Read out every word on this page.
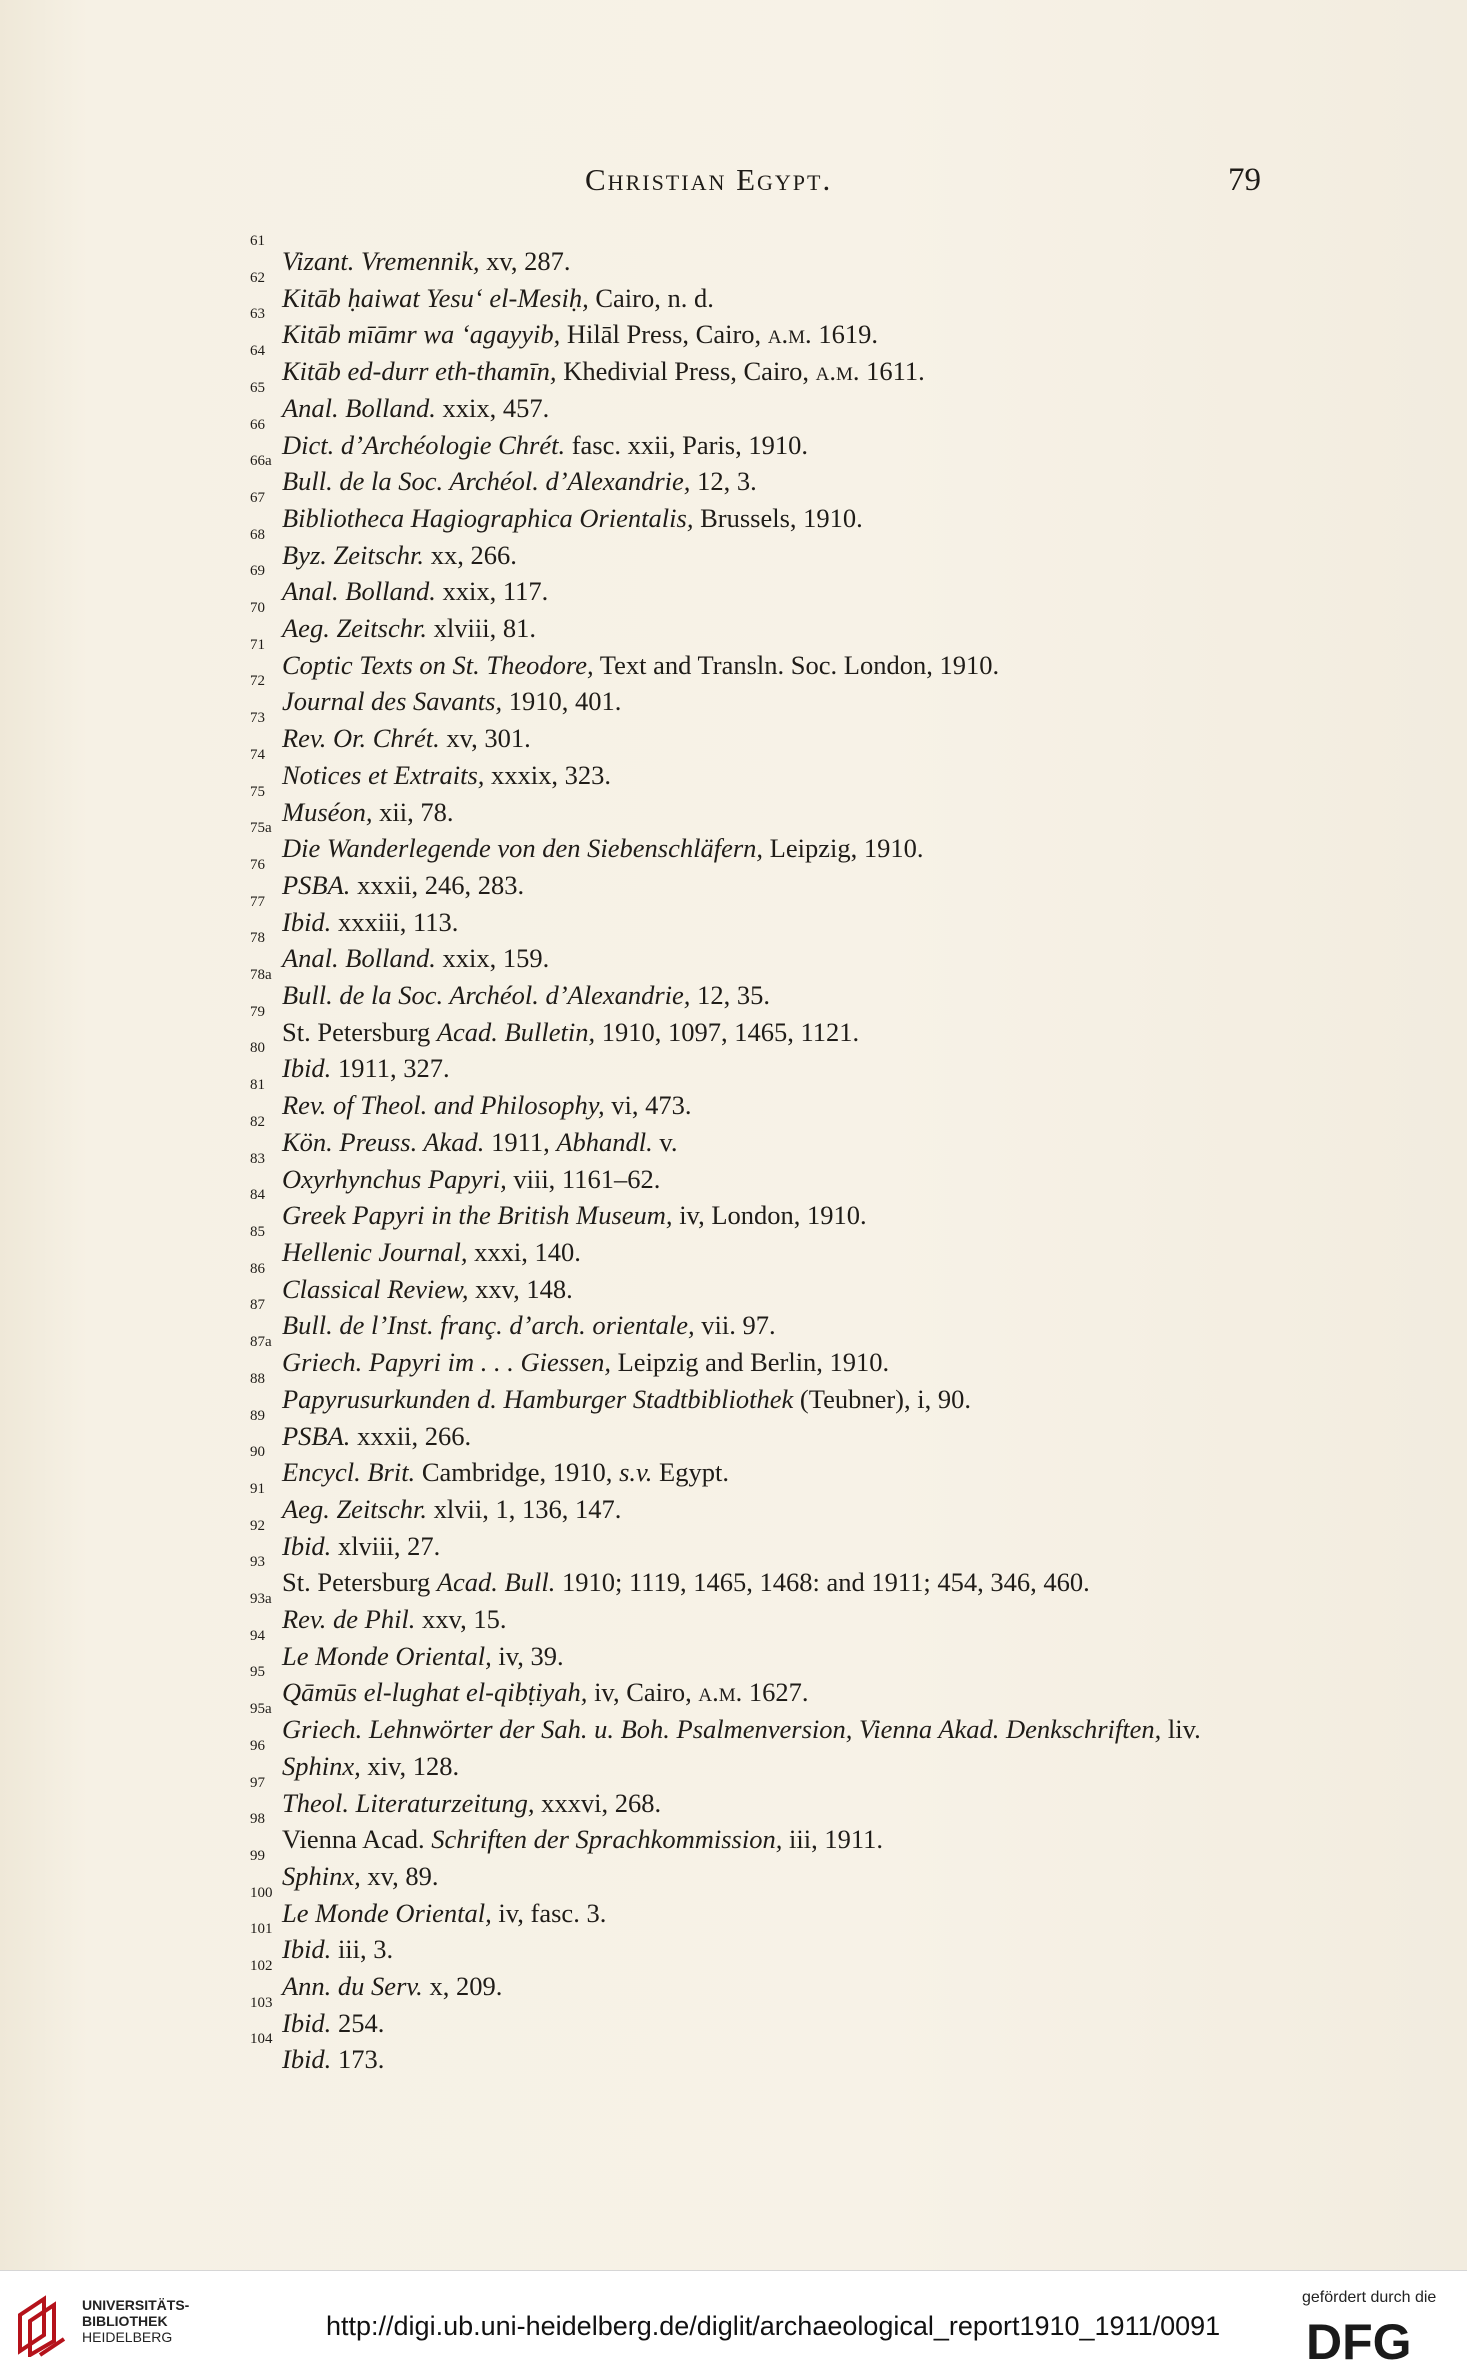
Christian Egypt.	79
61
Vizant. Vremennik, xv, 287.
62
Kitāb ḥaiwat Yesu‘ el-Mesiḥ, Cairo, n. d.
63
Kitāb mīāmr wa ‘agayyib, Hilāl Press, Cairo, a.m. 1619.
64
Kitāb ed-durr eth-thamīn, Khedivial Press, Cairo, a.m. 1611.
65
Anal. Bolland. xxix, 457.
66
Dict. d’Archéologie Chrét. fasc. xxii, Paris, 1910.
66a
Bull. de la Soc. Archéol. d’Alexandrie, 12, 3.
67
Bibliotheca Hagiographica Orientalis, Brussels, 1910.
68
Byz. Zeitschr. xx, 266.
69
Anal. Bolland. xxix, 117.
70
Aeg. Zeitschr. xlviii, 81.
71
Coptic Texts on St. Theodore, Text and Transln. Soc. London, 1910.
72
Journal des Savants, 1910, 401.
73
Rev. Or. Chrét. xv, 301.
74
Notices et Extraits, xxxix, 323.
75
Muséon, xii, 78.
75a
Die Wanderlegende von den Siebenschläfern, Leipzig, 1910.
76
PSBA. xxxii, 246, 283.
77
Ibid. xxxiii, 113.
78
Anal. Bolland. xxix, 159.
78a
Bull. de la Soc. Archéol. d’Alexandrie, 12, 35.
79
St. Petersburg Acad. Bulletin, 1910, 1097, 1465, 1121.
80
Ibid. 1911, 327.
81
Rev. of Theol. and Philosophy, vi, 473.
82
Kön. Preuss. Akad. 1911, Abhandl. v.
83
Oxyrhynchus Papyri, viii, 1161–62.
84
Greek Papyri in the British Museum, iv, London, 1910.
85
Hellenic Journal, xxxi, 140.
86
Classical Review, xxv, 148.
87
Bull. de l’Inst. franç. d’arch. orientale, vii. 97.
87a
Griech. Papyri im . . . Giessen, Leipzig and Berlin, 1910.
88
Papyrusurkunden d. Hamburger Stadtbibliothek (Teubner), i, 90.
89
PSBA. xxxii, 266.
90
Encycl. Brit. Cambridge, 1910, s.v. Egypt.
91
Aeg. Zeitschr. xlvii, 1, 136, 147.
92
Ibid. xlviii, 27.
93
St. Petersburg Acad. Bull. 1910; 1119, 1465, 1468: and 1911; 454, 346, 460.
93a
Rev. de Phil. xxv, 15.
94
Le Monde Oriental, iv, 39.
95
Qāmūs el-lughat el-qibṭiyah, iv, Cairo, a.m. 1627.
95a
Griech. Lehnwörter der Sah. u. Boh. Psalmenversion, Vienna Akad. Denkschriften, liv.
96
Sphinx, xiv, 128.
97
Theol. Literaturzeitung, xxxvi, 268.
98
Vienna Acad. Schriften der Sprachkommission, iii, 1911.
99
Sphinx, xv, 89.
100
Le Monde Oriental, iv, fasc. 3.
101
Ibid. iii, 3.
102
Ann. du Serv. x, 209.
103
Ibid. 254.
104
Ibid. 173.
UNIVERSITÄTS-
BIBLIOTHEK
HEIDELBERG	http://digi.ub.uni-heidelberg.de/diglit/archaeological_report1910_1911/0091
gefördert durch die
DFG
